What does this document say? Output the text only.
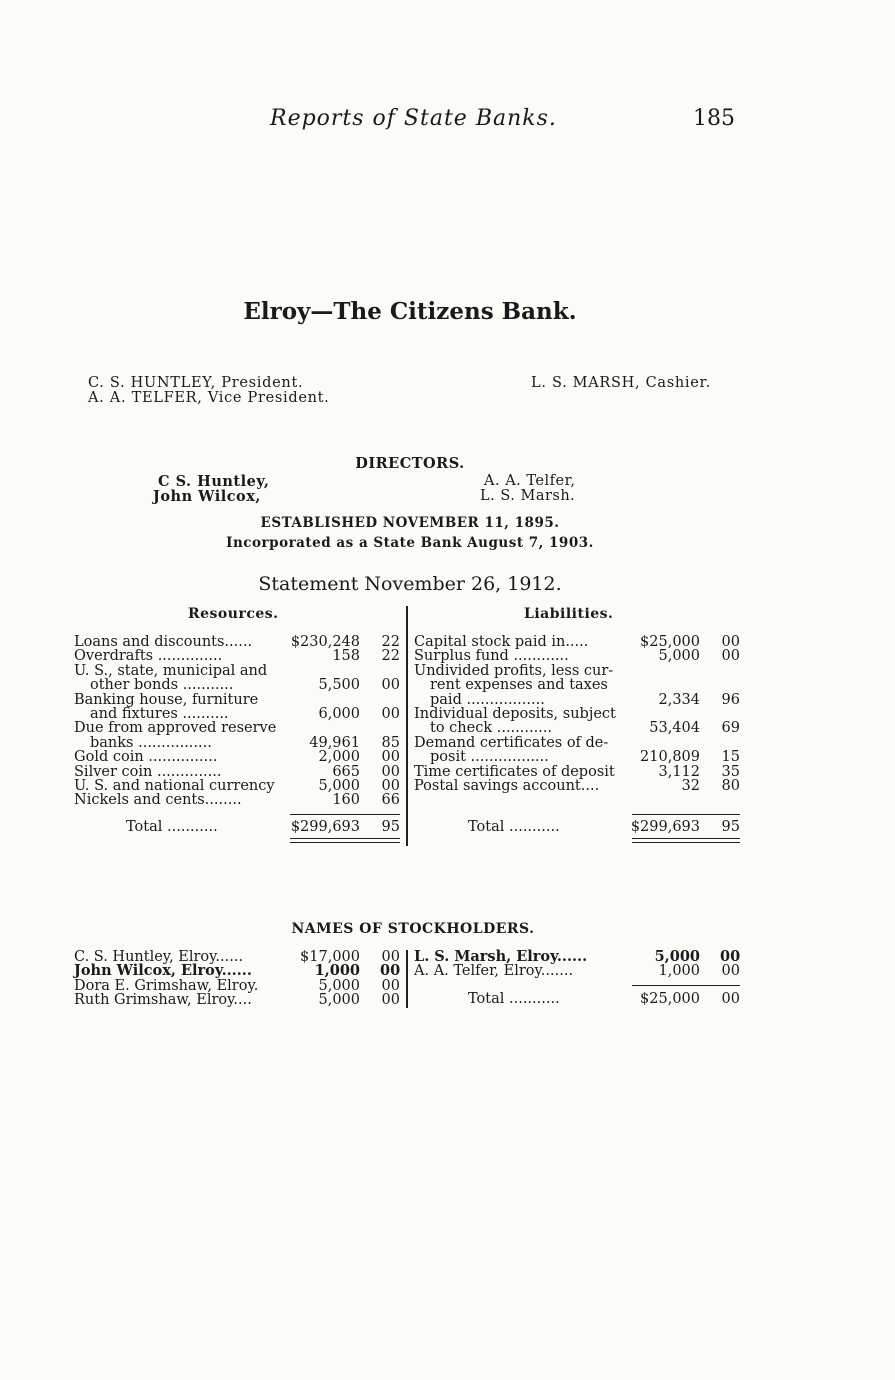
Reports of State Banks.	185
Elroy—The Citizens Bank.
C. S. HUNTLEY, President.
A. A. TELFER, Vice President.
L. S. MARSH, Cashier.
DIRECTORS.
C S. Huntley,
John Wilcox,
A. A. Telfer,
L. S. Marsh.
ESTABLISHED NOVEMBER 11, 1895.
Incorporated as a State Bank August 7, 1903.
Statement November 26, 1912.
Resources.	Liabilities.
Loans and discounts......	$230,248 22
Overdrafts ..............	158 22
U. S., state, municipal and
other bonds ...........	5,500 00
Banking house, furniture
and fixtures ..........	6,000 00
Due from approved reserve
banks ................	49,961 85
Gold coin ...............	2,000 00
Silver coin ..............	665 00
U. S. and national currency	5,000 00
Nickels and cents........	160 66
Capital stock paid in.....	$25,000 00
Surplus fund ............	5,000 00
Undivided profits, less cur-
rent expenses and taxes
paid .................	2,334 96
Individual deposits, subject
to check ............	53,404 69
Demand certificates of de-
posit .................	210,809 15
Time certificates of deposit	3,112 35
Postal savings account....	32 80
Total ...........	$299,693 95	Total ...........	$299,693 95
NAMES OF STOCKHOLDERS.
C. S. Huntley, Elroy......	$17,000 00
John Wilcox, Elroy......	1,000 00
Dora E. Grimshaw, Elroy.	5,000 00
Ruth Grimshaw, Elroy....	5,000 00
L. S. Marsh, Elroy......	5,000 00
A. A. Telfer, Elroy.......	1,000 00
Total ...........	$25,000 00
